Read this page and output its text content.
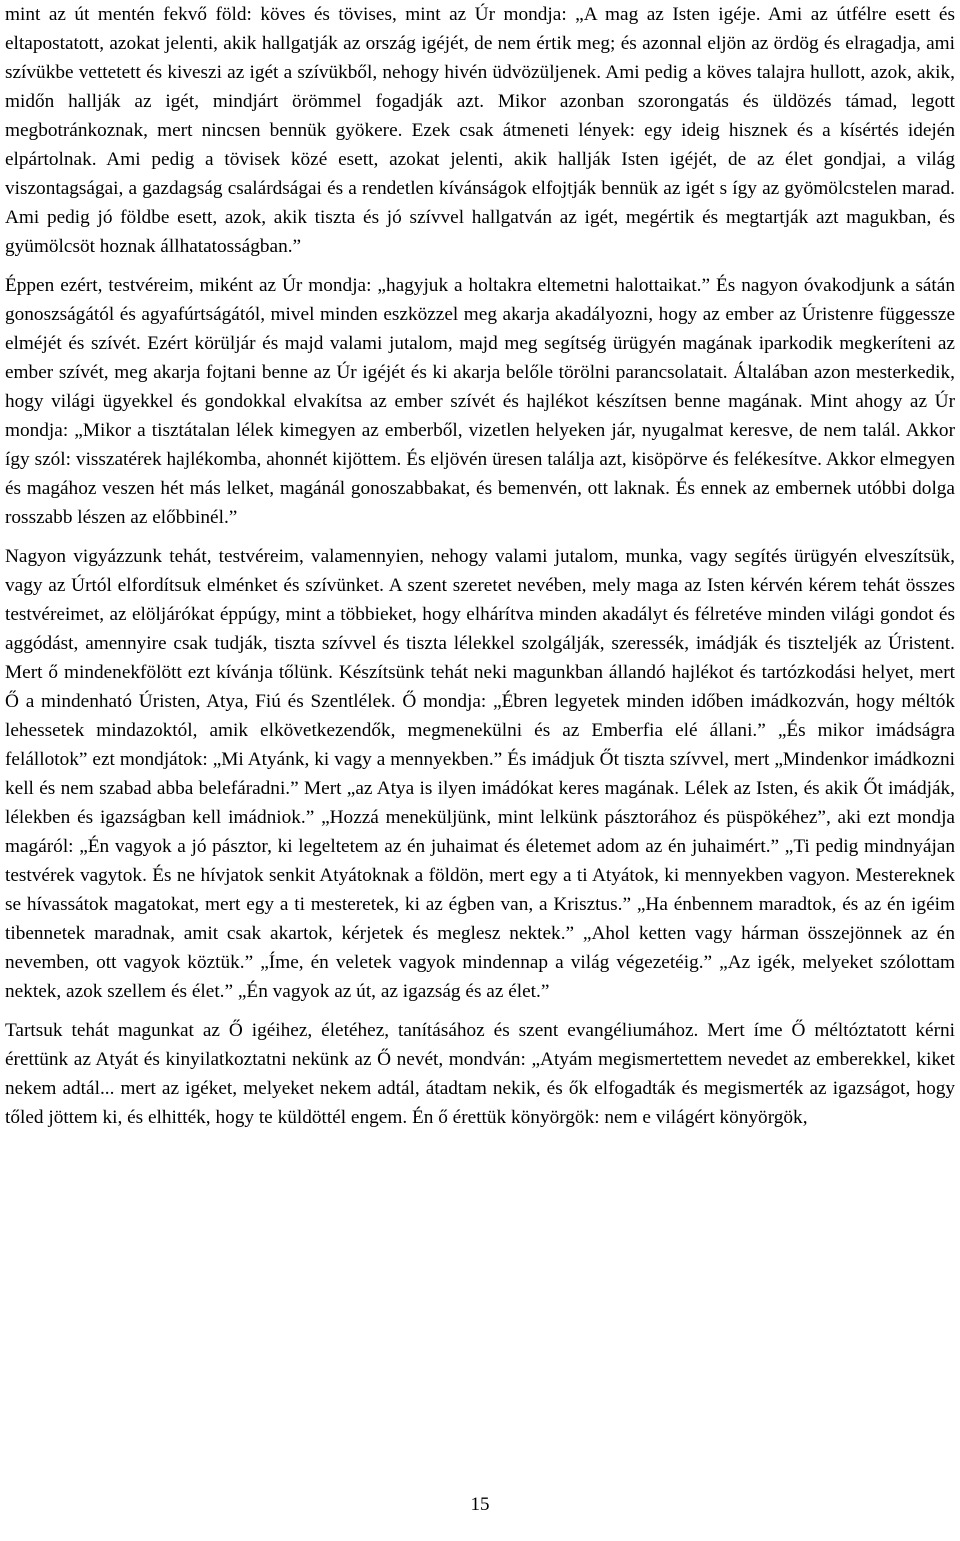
mint az út mentén fekvő föld: köves és tövises, mint az Úr mondja: „A mag az Isten igéje. Ami az útfélre esett és eltapostatott, azokat jelenti, akik hallgatják az ország igéjét, de nem értik meg; és azonnal eljön az ördög és elragadja, ami szívükbe vettetett és kiveszi az igét a szívükből, nehogy hivén üdvözüljenek. Ami pedig a köves talajra hullott, azok, akik, midőn hallják az igét, mindjárt örömmel fogadják azt. Mikor azonban szorongatás és üldözés támad, legott megbotránkoznak, mert nincsen bennük gyökere. Ezek csak átmeneti lények: egy ideig hisznek és a kísértés idején elpártolnak. Ami pedig a tövisek közé esett, azokat jelenti, akik hallják Isten igéjét, de az élet gondjai, a világ viszontagságai, a gazdagság csalárdságai és a rendetlen kívánságok elfojtják bennük az igét s így az gyömölcstelen marad. Ami pedig jó földbe esett, azok, akik tiszta és jó szívvel hallgatván az igét, megértik és megtartják azt magukban, és gyümölcsöt hoznak állhatatosságban.”

Éppen ezért, testvéreim, miként az Úr mondja: „hagyjuk a holtakra eltemetni halottaikat.” És nagyon óvakodjunk a sátán gonoszságától és agyafúrtságától, mivel minden eszközzel meg akarja akadályozni, hogy az ember az Úristenre függessze elméjét és szívét. Ezért körüljár és majd valami jutalom, majd meg segítség ürügyén magának iparkodik megkeríteni az ember szívét, meg akarja fojtani benne az Úr igéjét és ki akarja belőle törölni parancsolatait. Általában azon mesterkedik, hogy világi ügyekkel és gondokkal elvakítsa az ember szívét és hajlékot készítsen benne magának. Mint ahogy az Úr mondja: „Mikor a tisztátalan lélek kimegyen az emberből, vizetlen helyeken jár, nyugalmat keresve, de nem talál. Akkor így szól: visszatérek hajlékomba, ahonnét kijöttem. És eljövén üresen találja azt, kisöpörve és felékesítve. Akkor elmegyen és magához veszen hét más lelket, magánál gonoszabbakat, és bemenvén, ott laknak. És ennek az embernek utóbbi dolga rosszabb lészen az előbbinél.”

Nagyon vigyázzunk tehát, testvéreim, valamennyien, nehogy valami jutalom, munka, vagy segítés ürügyén elveszítsük, vagy az Úrtól elfordítsuk elménket és szívünket. A szent szeretet nevében, mely maga az Isten kérvén kérem tehát összes testvéreimet, az elöljárókat éppúgy, mint a többieket, hogy elhárítva minden akadályt és félretéve minden világi gondot és aggódást, amennyire csak tudják, tiszta szívvel és tiszta lélekkel szolgálják, szeressék, imádják és tiszteljék az Úristent. Mert ő mindenekfölött ezt kívánja tőlünk. Készítsünk tehát neki magunkban állandó hajlékot és tartózkodási helyet, mert Ő a mindenható Úristen, Atya, Fiú és Szentlélek. Ő mondja: „Ébren legyetek minden időben imádkozván, hogy méltók lehessetek mindazoktól, amik elkövetkezendők, megmenekülni és az Emberfia elé állani.” „És mikor imádságra felállotok” ezt mondjátok: „Mi Atyánk, ki vagy a mennyekben.” És imádjuk Őt tiszta szívvel, mert „Mindenkor imádkozni kell és nem szabad abba belefáradni.” Mert „az Atya is ilyen imádókat keres magának. Lélek az Isten, és akik Őt imádják, lélekben és igazságban kell imádniok.” „Hozzá meneküljünk, mint lelkünk pásztorához és püspökéhez”, aki ezt mondja magáról: „Én vagyok a jó pásztor, ki legeltetem az én juhaimat és életemet adom az én juhaimért.” „Ti pedig mindnyájan testvérek vagytok. És ne hívjatok senkit Atyátoknak a földön, mert egy a ti Atyátok, ki mennyekben vagyon. Mestereknek se hívassátok magatokat, mert egy a ti mesteretek, ki az égben van, a Krisztus.” „Ha énbennem maradtok, és az én igéim tibennetek maradnak, amit csak akartok, kérjetek és meglesz nektek.” „Ahol ketten vagy hárman összejönnek az én nevemben, ott vagyok köztük.” „Íme, én veletek vagyok mindennap a világ végezetéig.” „Az igék, melyeket szólottam nektek, azok szellem és élet.” „Én vagyok az út, az igazság és az élet.”

Tartsuk tehát magunkat az Ő igéihez, életéhez, tanításához és szent evangéliumához. Mert íme Ő méltóztatott kérni érettünk az Atyát és kinyilatkoztatni nekünk az Ő nevét, mondván: „Atyám megismertettem nevedet az emberekkel, kiket nekem adtál... mert az igéket, melyeket nekem adtál, átadtam nekik, és ők elfogadták és megismerték az igazságot, hogy tőled jöttem ki, és elhitték, hogy te küldöttél engem. Én ő érettük könyörgök: nem e világért könyörgök,

15
